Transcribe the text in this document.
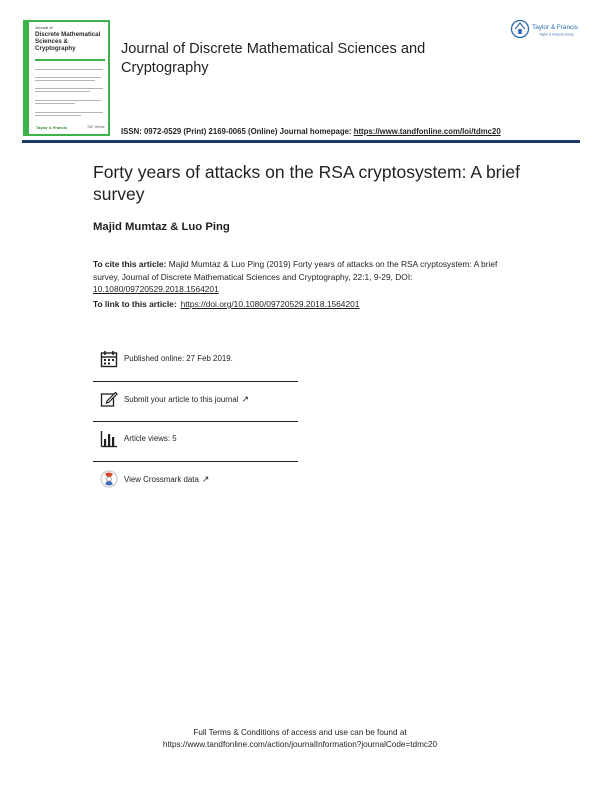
Journal of
Discrete Mathematical Sciences & Cryptography
Taylor & Francis	T&F Online
Journal of Discrete Mathematical Sciences and Cryptography
Taylor & Francis
Taylor & Francis Group
ISSN: 0972-0529 (Print) 2169-0065 (Online) Journal homepage: https://www.tandfonline.com/loi/tdmc20
Forty years of attacks on the RSA cryptosystem: A brief survey
Majid Mumtaz & Luo Ping
To cite this article: Majid Mumtaz & Luo Ping (2019) Forty years of attacks on the RSA cryptosystem: A brief survey, Journal of Discrete Mathematical Sciences and Cryptography, 22:1, 9-29, DOI: 10.1080/09720529.2018.1564201
To link to this article: https://doi.org/10.1080/09720529.2018.1564201
Published online: 27 Feb 2019.
Submit your article to this journal ↗
Article views: 5
View Crossmark data ↗
Full Terms & Conditions of access and use can be found at
https://www.tandfonline.com/action/journalInformation?journalCode=tdmc20
